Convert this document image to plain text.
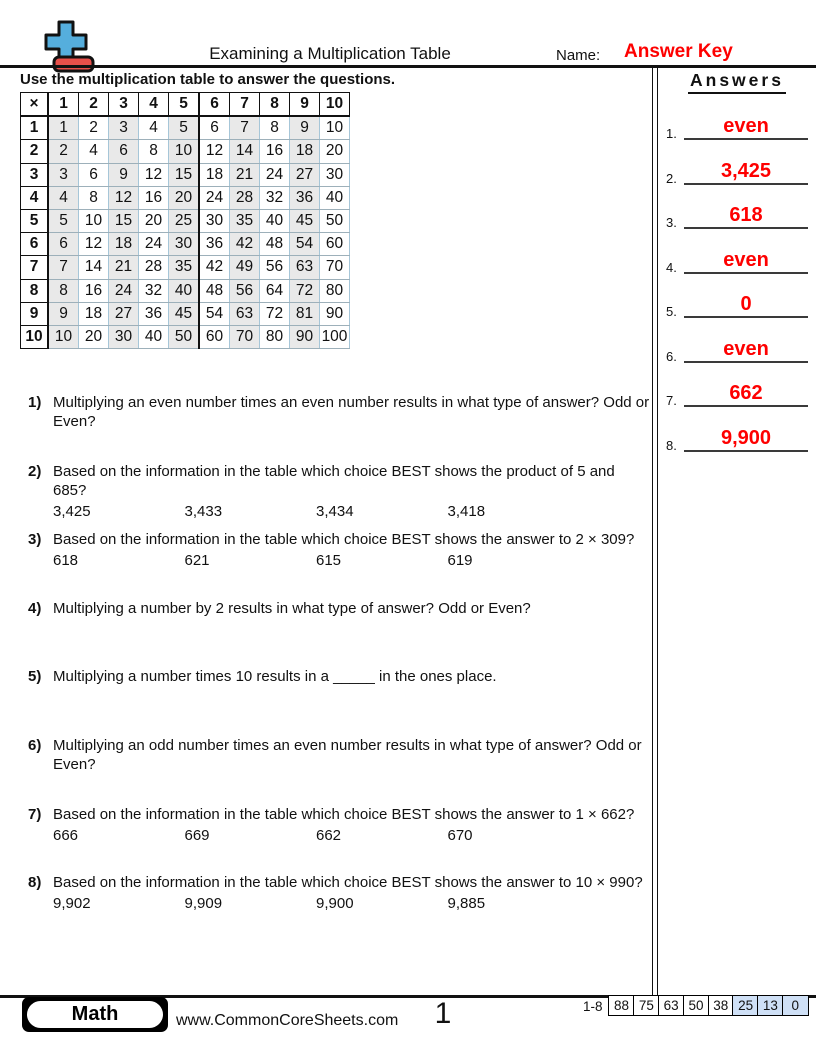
Examining a Multiplication Table	Name: Answer Key
Use the multiplication table to answer the questions.
×	1	2	3	4	5	6	7	8	9	10
1	1	2	3	4	5	6	7	8	9	10
2	2	4	6	8	10	12	14	16	18	20
3	3	6	9	12	15	18	21	24	27	30
4	4	8	12	16	20	24	28	32	36	40
5	5	10	15	20	25	30	35	40	45	50
6	6	12	18	24	30	36	42	48	54	60
7	7	14	21	28	35	42	49	56	63	70
8	8	16	24	32	40	48	56	64	72	80
9	9	18	27	36	45	54	63	72	81	90
10	10	20	30	40	50	60	70	80	90	100
1) Multiplying an even number times an even number results in what type of answer? Odd or Even?
2) Based on the information in the table which choice BEST shows the product of 5 and 685?
3,425	3,433	3,434	3,418
3) Based on the information in the table which choice BEST shows the answer to 2 × 309?
618	621	615	619
4) Multiplying a number by 2 results in what type of answer? Odd or Even?
5) Multiplying a number times 10 results in a _____ in the ones place.
6) Multiplying an odd number times an even number results in what type of answer? Odd or Even?
7) Based on the information in the table which choice BEST shows the answer to 1 × 662?
666	669	662	670
8) Based on the information in the table which choice BEST shows the answer to 10 × 990?
9,902	9,909	9,900	9,885
Answers
1.	even
2.	3,425
3.	618
4.	even
5.	0
6.	even
7.	662
8.	9,900
Math	www.CommonCoreSheets.com	1	1-8 88 75 63 50 38 25 13	0
